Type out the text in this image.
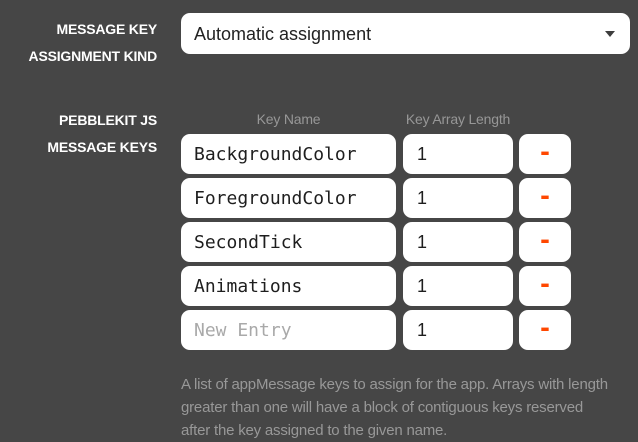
MESSAGE KEY
ASSIGNMENT KIND
Automatic assignment
PEBBLEKIT JS
MESSAGE KEYS
Key Name	Key Array Length
BackgroundColor
1
-
ForegroundColor
1
-
SecondTick
1
-
Animations
1
-
New Entry
1
-
A list of appMessage keys to assign for the app. Arrays with length greater than one will have a block of contiguous keys reserved after the key assigned to the given name.
